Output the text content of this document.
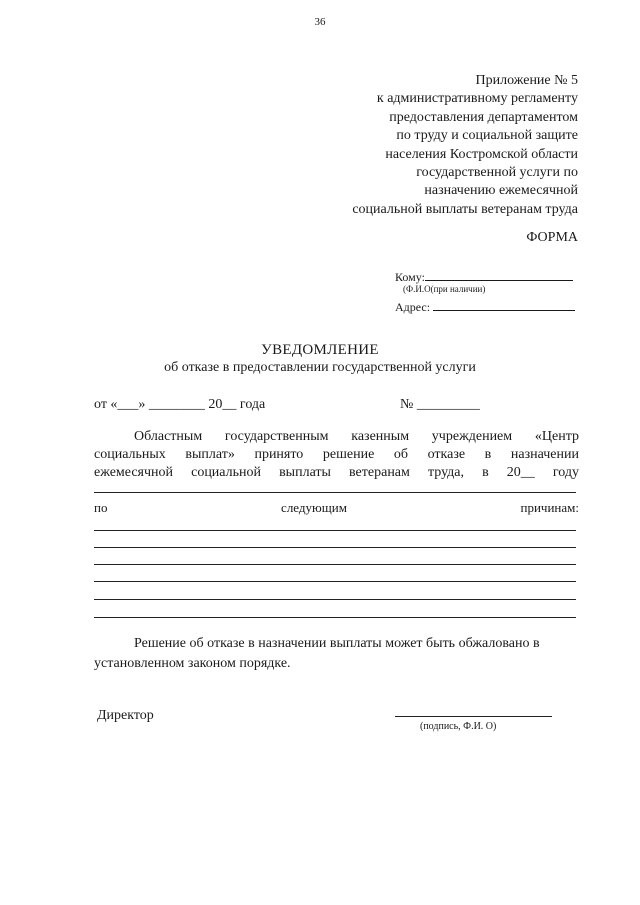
36
Приложение № 5
к административному регламенту
предоставления департаментом
по труду и социальной защите
населения Костромской области
государственной услуги по
назначению ежемесячной
социальной выплаты ветеранам труда
ФОРМА
Кому:
(Ф.И.О(при наличии)
Адрес:
УВЕДОМЛЕНИЕ
об отказе в предоставлении государственной услуги
от «___» ________ 20__ года	№ _________
Областным государственным казенным учреждением «Центр
социальных выплат» принято решение об отказе в назначении
ежемесячной социальной выплаты ветеранам труда, в 20__ году
по	следующим	причинам:
Решение об отказе в назначении выплаты может быть обжаловано в установленном законом порядке.
Директор
(подпись, Ф.И. О)
